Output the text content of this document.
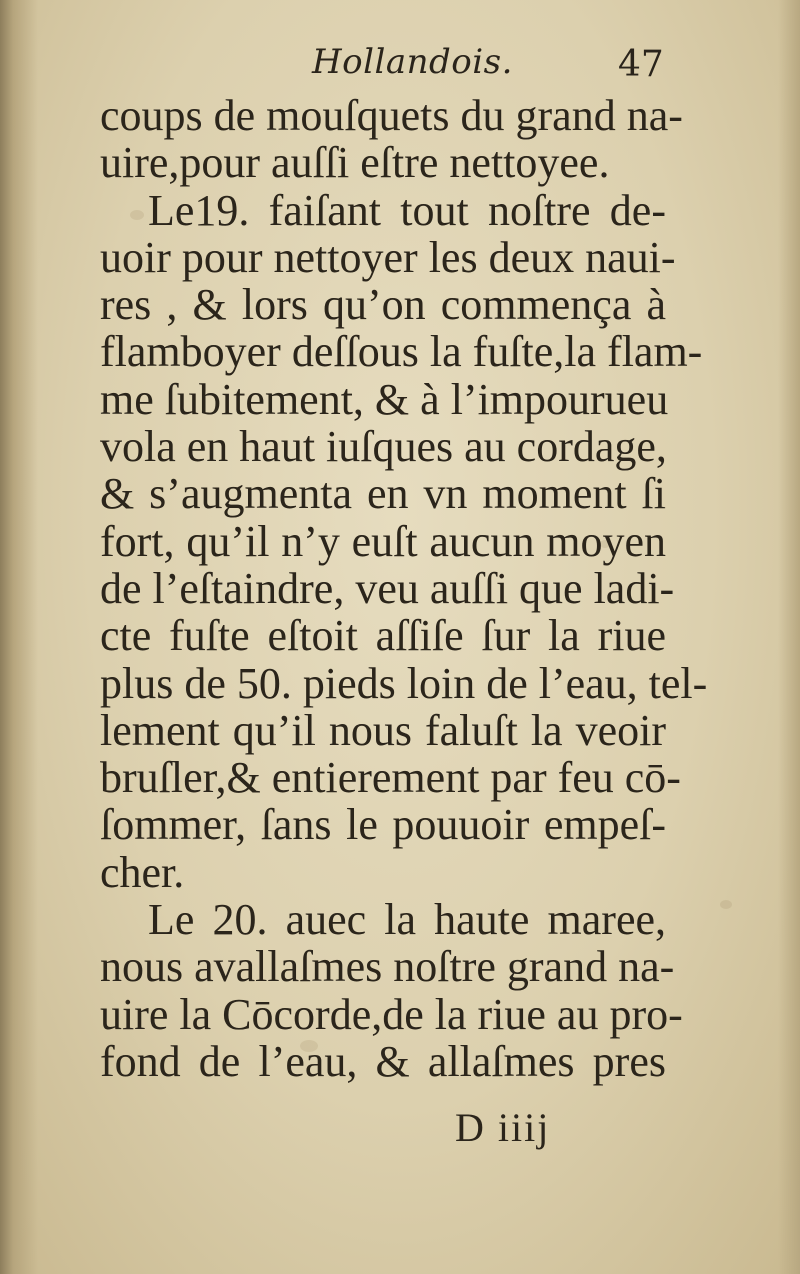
Hollandois.	47
coups de mouſquets du grand na-
uire,pour auſſi eſtre nettoyee.
Le19. faiſant tout noſtre de-
uoir pour nettoyer les deux naui-
res , & lors qu’on commença à
flamboyer deſſous la fuſte,la flam-
me ſubitement, & à l’impouruеu
vola en haut iuſques au cordage,
& s’augmenta en vn moment ſi
fort, qu’il n’y euſt aucun moyen
de l’eſtaindre, veu auſſi que ladi-
cte fuſte eſtoit aſſiſe ſur la riue
plus de 50. pieds loin de l’eau, tel-
lement qu’il nous faluſt la veoir
bruſler,& entierement par feu cō-
ſommer, ſans le pouuoir empeſ-
cher.
Le 20. auec la haute maree,
nous avallaſmes noſtre grand na-
uire la Cōcorde,de la riue au pro-
fond de l’eau, & allaſmes pres
D iiij
